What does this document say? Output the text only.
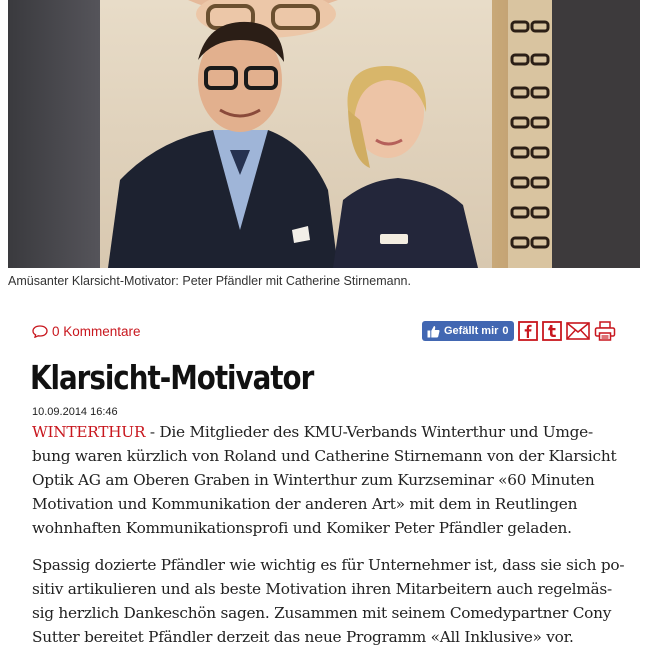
Amüsanter Klarsicht-Motivator: Peter Pfändler mit Catherine Stirnemann.
0 Kommentare	Gefällt mir 0
Klarsicht-Motivator
10.09.2014 16:46

WINTERTHUR - Die Mitglieder des KMU-Verbands Winterthur und Umge-
bung waren kürzlich von Roland und Catherine Stirnemann von der Klarsicht
Optik AG am Oberen Graben in Winterthur zum Kurzseminar «60 Minuten
Motivation und Kommunikation der anderen Art» mit dem in Reutlingen
wohnhaften Kommunikationsprofi und Komiker Peter Pfändler geladen.

Spassig dozierte Pfändler wie wichtig es für Unternehmer ist, dass sie sich po-
sitiv artikulieren und als beste Motivation ihren Mitarbeitern auch regelmäs-
sig herzlich Dankeschön sagen. Zusammen mit seinem Comedypartner Cony
Sutter bereitet Pfändler derzeit das neue Programm «All Inklusive» vor.
